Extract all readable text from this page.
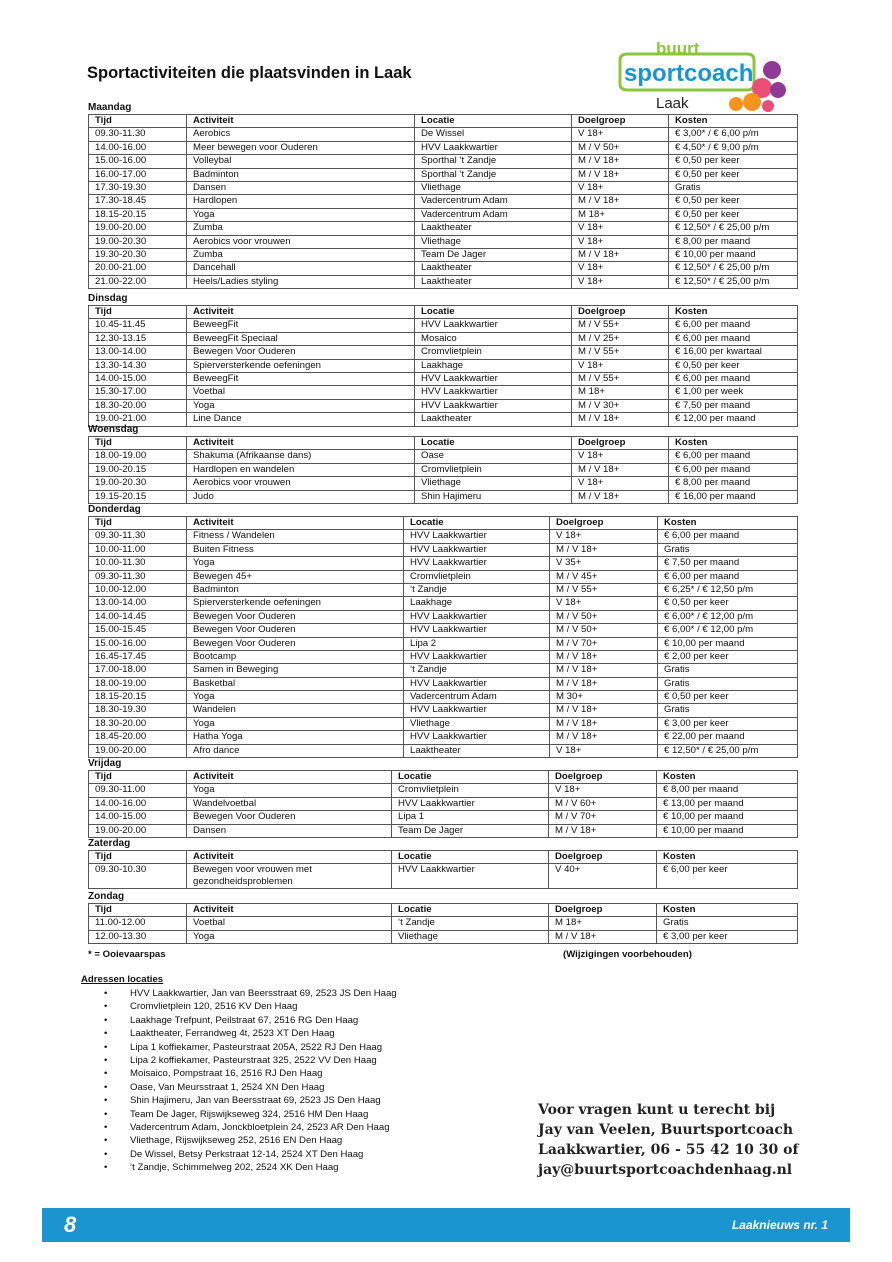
Sportactiviteiten die plaatsvinden in Laak
buurt
sportcoach
Laak
Maandag
Tijd	Activiteit	Locatie	Doelgroep	Kosten
09.30-11.30	Aerobics	De Wissel	V 18+	€ 3,00* / € 6,00 p/m
14.00-16.00	Meer bewegen voor Ouderen	HVV Laakkwartier	M / V 50+	€ 4,50* / € 9,00 p/m
15.00-16.00	Volleybal	Sporthal ‘t Zandje	M / V 18+	€ 0,50 per keer
16.00-17.00	Badminton	Sporthal ‘t Zandje	M / V 18+	€ 0,50 per keer
17.30-19.30	Dansen	Vliethage	V 18+	Gratis
17.30-18.45	Hardlopen	Vadercentrum Adam	M / V 18+	€ 0,50 per keer
18.15-20.15	Yoga	Vadercentrum Adam	M 18+	€ 0,50 per keer
19.00-20.00	Zumba	Laaktheater	V 18+	€ 12,50* / € 25,00 p/m
19.00-20.30	Aerobics voor vrouwen	Vliethage	V 18+	€ 8,00 per maand
19.30-20.30	Zumba	Team De Jager	M / V 18+	€ 10,00 per maand
20.00-21.00	Dancehall	Laaktheater	V 18+	€ 12,50* / € 25,00 p/m
21.00-22.00	Heels/Ladies styling	Laaktheater	V 18+	€ 12,50* / € 25,00 p/m
Dinsdag
Tijd	Activiteit	Locatie	Doelgroep	Kosten
10.45-11.45	BeweegFit	HVV Laakkwartier	M / V 55+	€ 6,00 per maand
12.30-13.15	BeweegFit Speciaal	Mosaico	M / V 25+	€ 6,00 per maand
13.00-14.00	Bewegen Voor Ouderen	Cromvlietplein	M / V 55+	€ 16,00 per kwartaal
13.30-14.30	Spierversterkende oefeningen	Laakhage	V 18+	€ 0,50 per keer
14.00-15.00	BeweegFit	HVV Laakkwartier	M / V 55+	€ 6,00 per maand
15.30-17.00	Voetbal	HVV Laakkwartier	M 18+	€ 1,00 per week
18.30-20.00	Yoga	HVV Laakkwartier	M / V 30+	€ 7,50 per maand
19.00-21.00	Line Dance	Laaktheater	M / V 18+	€ 12,00 per maand
Woensdag
Tijd	Activiteit	Locatie	Doelgroep	Kosten
18.00-19.00	Shakuma (Afrikaanse dans)	Oase	V 18+	€ 6,00 per maand
19.00-20.15	Hardlopen en wandelen	Cromvlietplein	M / V 18+	€ 6,00 per maand
19.00-20.30	Aerobics voor vrouwen	Vliethage	V 18+	€ 8,00 per maand
19.15-20.15	Judo	Shin Hajimeru	M / V 18+	€ 16,00 per maand
Donderdag
Tijd	Activiteit	Locatie	Doelgroep	Kosten
09.30-11.30	Fitness / Wandelen	HVV Laakkwartier	V 18+	€ 6,00 per maand
10.00-11.00	Buiten Fitness	HVV Laakkwartier	M / V 18+	Gratis
10.00-11.30	Yoga	HVV Laakkwartier	V 35+	€ 7,50 per maand
09.30-11.30	Bewegen 45+	Cromvlietplein	M / V 45+	€ 6,00 per maand
10.00-12.00	Badminton	‘t Zandje	M / V 55+	€ 6,25* / € 12,50 p/m
13.00-14.00	Spierversterkende oefeningen	Laakhage	V 18+	€ 0,50 per keer
14.00-14.45	Bewegen Voor Ouderen	HVV Laakkwartier	M / V 50+	€ 6,00* / € 12,00 p/m
15.00-15.45	Bewegen Voor Ouderen	HVV Laakkwartier	M / V 50+	€ 6,00* / € 12,00 p/m
15.00-16.00	Bewegen Voor Ouderen	Lipa 2	M / V 70+	€ 10,00 per maand
16.45-17.45	Bootcamp	HVV Laakkwartier	M / V 18+	€ 2,00 per keer
17.00-18.00	Samen in Beweging	‘t Zandje	M / V 18+	Gratis
18.00-19.00	Basketbal	HVV Laakkwartier	M / V 18+	Gratis
18.15-20.15	Yoga	Vadercentrum Adam	M 30+	€ 0,50 per keer
18.30-19.30	Wandelen	HVV Laakkwartier	M / V 18+	Gratis
18.30-20.00	Yoga	Vliethage	M / V 18+	€ 3,00 per keer
18.45-20.00	Hatha Yoga	HVV Laakkwartier	M / V 18+	€ 22,00 per maand
19.00-20.00	Afro dance	Laaktheater	V 18+	€ 12,50* / € 25,00 p/m
Vrijdag
Tijd	Activiteit	Locatie	Doelgroep	Kosten
09.30-11.00	Yoga	Cromvlietplein	V 18+	€ 8,00 per maand
14.00-16.00	Wandelvoetbal	HVV Laakkwartier	M / V 60+	€ 13,00 per maand
14.00-15.00	Bewegen Voor Ouderen	Lipa 1	M / V 70+	€ 10,00 per maand
19.00-20.00	Dansen	Team De Jager	M / V 18+	€ 10,00 per maand
Zaterdag
Tijd	Activiteit	Locatie	Doelgroep	Kosten
09.30-10.30	Bewegen voor vrouwen met gezondheidsproblemen	HVV Laakkwartier	V 40+	€ 6,00 per keer
Zondag
Tijd	Activiteit	Locatie	Doelgroep	Kosten
11.00-12.00	Voetbal	‘t Zandje	M 18+	Gratis
12.00-13.30	Yoga	Vliethage	M / V 18+	€ 3,00 per keer
* = Ooievaarspas	(Wijzigingen voorbehouden)
Adressen locaties
• HVV Laakkwartier, Jan van Beersstraat 69, 2523 JS Den Haag
• Cromvlietplein 120, 2516 KV Den Haag
• Laakhage Trefpunt, Peilstraat 67, 2516 RG Den Haag
• Laaktheater, Ferrandweg 4t, 2523 XT Den Haag
• Lipa 1 koffiekamer, Pasteurstraat 205A, 2522 RJ Den Haag
• Lipa 2 koffiekamer, Pasteurstraat 325, 2522 VV Den Haag
• Moisaico, Pompstraat 16, 2516 RJ Den Haag
• Oase, Van Meursstraat 1, 2524 XN Den Haag
• Shin Hajimeru, Jan van Beersstraat 69, 2523 JS Den Haag
• Team De Jager, Rijswijkseweg 324, 2516 HM Den Haag
• Vadercentrum Adam, Jonckbloetplein 24, 2523 AR Den Haag
• Vliethage, Rijswijkseweg 252, 2516 EN Den Haag
• De Wissel, Betsy Perkstraat 12-14, 2524 XT Den Haag
• ‘t Zandje, Schimmelweg 202, 2524 XK Den Haag
Voor vragen kunt u terecht bij
Jay van Veelen, Buurtsportcoach
Laakkwartier, 06 - 55 42 10 30 of
jay@buurtsportcoachdenhaag.nl
8	Laaknieuws nr. 1
